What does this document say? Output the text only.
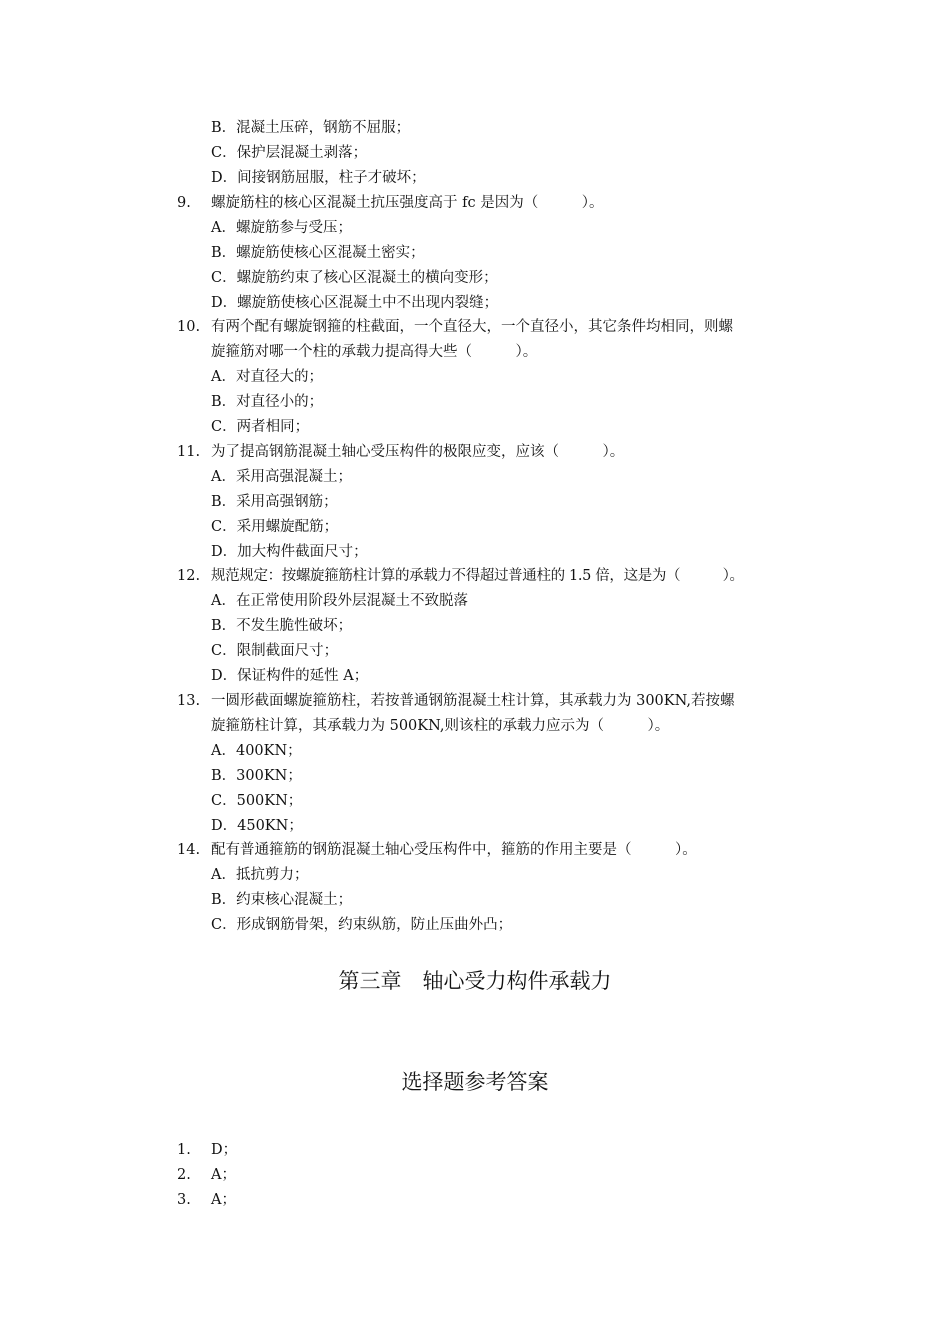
B．混凝土压碎，钢筋不屈服；
C．保护层混凝土剥落；
D．间接钢筋屈服，柱子才破坏；
9. 螺旋筋柱的核心区混凝土抗压强度高于 fc 是因为（　　　）。
A．螺旋筋参与受压；
B．螺旋筋使核心区混凝土密实；
C．螺旋筋约束了核心区混凝土的横向变形；
D．螺旋筋使核心区混凝土中不出现内裂缝；
10. 有两个配有螺旋钢箍的柱截面，一个直径大，一个直径小，其它条件均相同，则螺
旋箍筋对哪一个柱的承载力提高得大些（　　　）。
A．对直径大的；
B．对直径小的；
C．两者相同；
11. 为了提高钢筋混凝土轴心受压构件的极限应变，应该（　　　）。
A．采用高强混凝土；
B．采用高强钢筋；
C．采用螺旋配筋；
D．加大构件截面尺寸；
12. 规范规定：按螺旋箍筋柱计算的承载力不得超过普通柱的 1.5 倍，这是为（　　　）。
A．在正常使用阶段外层混凝土不致脱落
B．不发生脆性破坏；
C．限制截面尺寸；
D．保证构件的延性 A；
13. 一圆形截面螺旋箍筋柱，若按普通钢筋混凝土柱计算，其承载力为 300KN,若按螺
旋箍筋柱计算，其承载力为 500KN,则该柱的承载力应示为（　　　）。
A．400KN；
B．300KN；
C．500KN；
D．450KN；
14. 配有普通箍筋的钢筋混凝土轴心受压构件中，箍筋的作用主要是（　　　）。
A．抵抗剪力；
B．约束核心混凝土；
C．形成钢筋骨架，约束纵筋，防止压曲外凸；
第三章　轴心受力构件承载力
选择题参考答案
1. D；
2. A；
3. A；
